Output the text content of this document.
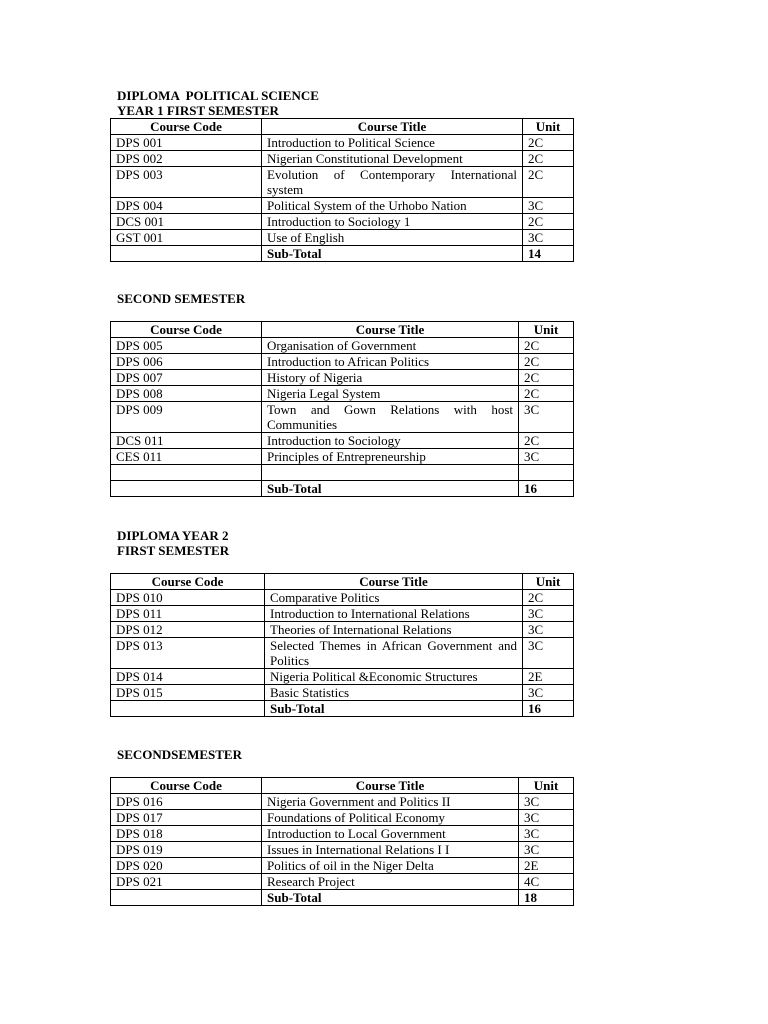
DIPLOMA  POLITICAL SCIENCE
YEAR 1 FIRST SEMESTER
Course Code	Course Title	Unit
DPS 001	Introduction to Political Science	2C
DPS 002	Nigerian Constitutional Development	2C
DPS 003	Evolution of Contemporary International system	2C
DPS 004	Political System of the Urhobo Nation	3C
DCS 001	Introduction to Sociology 1	2C
GST 001	Use of English	3C
	Sub-Total	14
SECOND SEMESTER
Course Code	Course Title	Unit
DPS 005	Organisation of Government	2C
DPS 006	Introduction to African Politics	2C
DPS 007	History of Nigeria	2C
DPS 008	Nigeria Legal System	2C
DPS 009	Town and Gown Relations with host Communities	3C
DCS 011	Introduction to Sociology	2C
CES 011	Principles of Entrepreneurship	3C

	Sub-Total	16
DIPLOMA YEAR 2
FIRST SEMESTER
Course Code	Course Title	Unit
DPS 010	Comparative Politics	2C
DPS 011	Introduction to International Relations	3C
DPS 012	Theories of International Relations	3C
DPS 013	Selected Themes in African Government and Politics	3C
DPS 014	Nigeria Political &Economic Structures	2E
DPS 015	Basic Statistics	3C
	Sub-Total	16
SECONDSEMESTER
Course Code	Course Title	Unit
DPS 016	Nigeria Government and Politics II	3C
DPS 017	Foundations of Political Economy	3C
DPS 018	Introduction to Local Government	3C
DPS 019	Issues in International Relations I I	3C
DPS 020	Politics of oil in the Niger Delta	2E
DPS 021	Research Project	4C
	Sub-Total	18
